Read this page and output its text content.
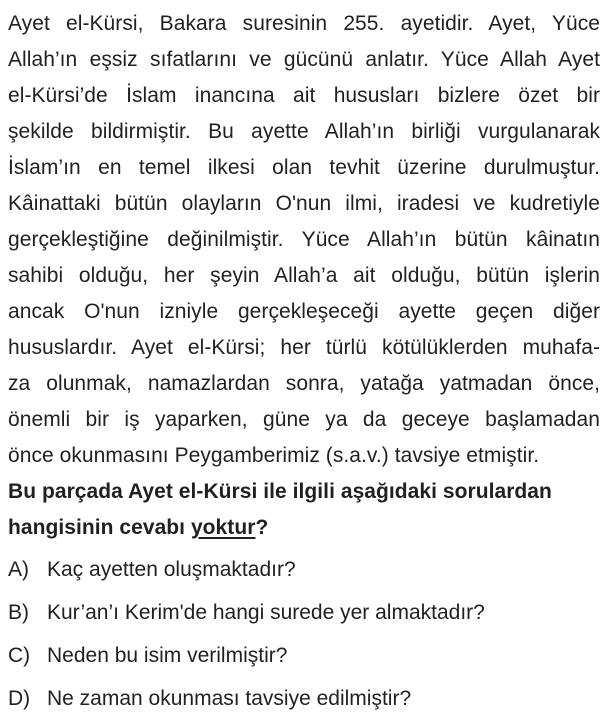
Ayet el-Kürsi, Bakara suresinin 255. ayetidir. Ayet, Yüce
Allah’ın eşsiz sıfatlarını ve gücünü anlatır. Yüce Allah Ayet
el-Kürsi’de İslam inancına ait hususları bizlere özet bir
şekilde bildirmiştir. Bu ayette Allah’ın birliği vurgulanarak
İslam’ın en temel ilkesi olan tevhit üzerine durulmuştur.
Kâinattaki bütün olayların O'nun ilmi, iradesi ve kudretiyle
gerçekleştiğine değinilmiştir. Yüce Allah’ın bütün kâinatın
sahibi olduğu, her şeyin Allah’a ait olduğu, bütün işlerin
ancak O'nun izniyle gerçekleşeceği ayette geçen diğer
hususlardır. Ayet el-Kürsi; her türlü kötülüklerden muhafa-
za olunmak, namazlardan sonra, yatağa yatmadan önce,
önemli bir iş yaparken, güne ya da geceye başlamadan
önce okunmasını Peygamberimiz (s.a.v.) tavsiye etmiştir.
Bu parçada Ayet el-Kürsi ile ilgili aşağıdaki sorulardan
hangisinin cevabı yoktur?
A) Kaç ayetten oluşmaktadır?
B) Kur’an’ı Kerim'de hangi surede yer almaktadır?
C) Neden bu isim verilmiştir?
D) Ne zaman okunması tavsiye edilmiştir?
